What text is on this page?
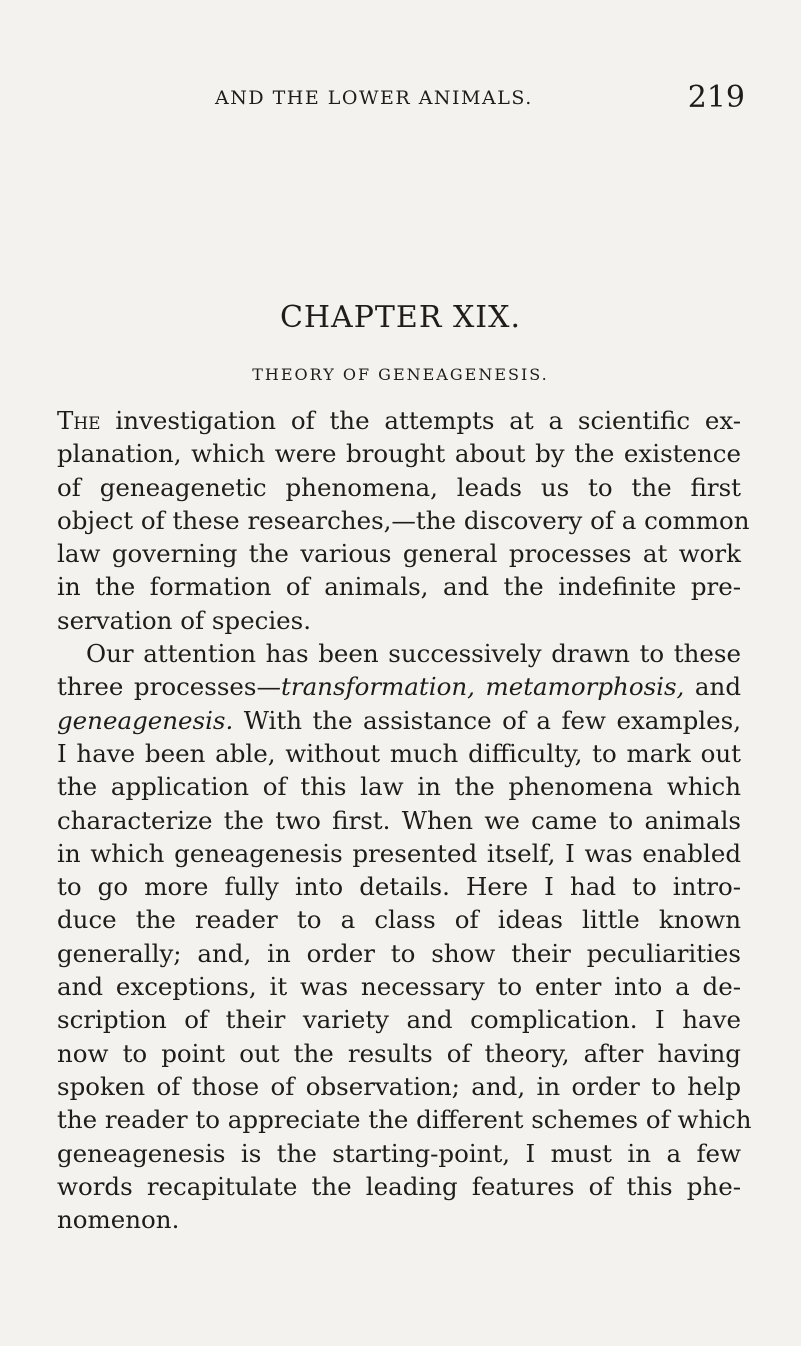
AND THE LOWER ANIMALS.	219
CHAPTER XIX.
THEORY OF GENEAGENESIS.
The investigation of the attempts at a scientific ex-
planation, which were brought about by the existence
of geneagenetic phenomena, leads us to the first
object of these researches,—the discovery of a common
law governing the various general processes at work
in the formation of animals, and the indefinite pre-
servation of species.
Our attention has been successively drawn to these
three processes—transformation, metamorphosis, and
geneagenesis. With the assistance of a few examples,
I have been able, without much difficulty, to mark out
the application of this law in the phenomena which
characterize the two first. When we came to animals
in which geneagenesis presented itself, I was enabled
to go more fully into details. Here I had to intro-
duce the reader to a class of ideas little known
generally; and, in order to show their peculiarities
and exceptions, it was necessary to enter into a de-
scription of their variety and complication. I have
now to point out the results of theory, after having
spoken of those of observation; and, in order to help
the reader to appreciate the different schemes of which
geneagenesis is the starting-point, I must in a few
words recapitulate the leading features of this phe-
nomenon.
